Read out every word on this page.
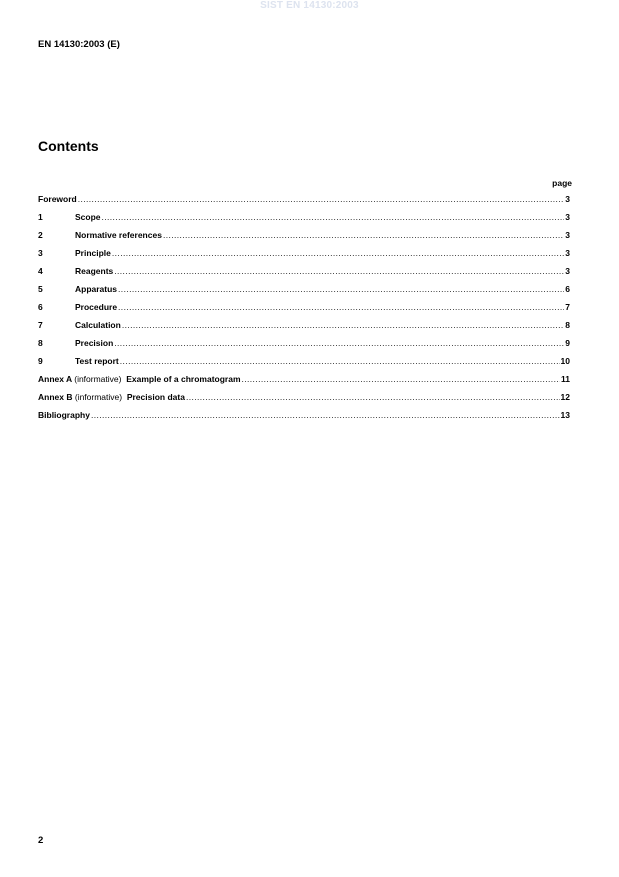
SIST EN 14130:2003
EN 14130:2003 (E)
Contents
page
Foreword .....	3
1	Scope .....	3
2	Normative references .....	3
3	Principle .....	3
4	Reagents .....	3
5	Apparatus .....	6
6	Procedure .....	7
7	Calculation .....	8
8	Precision .....	9
9	Test report .....	10
Annex A (informative) Example of a chromatogram .....	11
Annex B (informative) Precision data .....	12
Bibliography .....	13
2
